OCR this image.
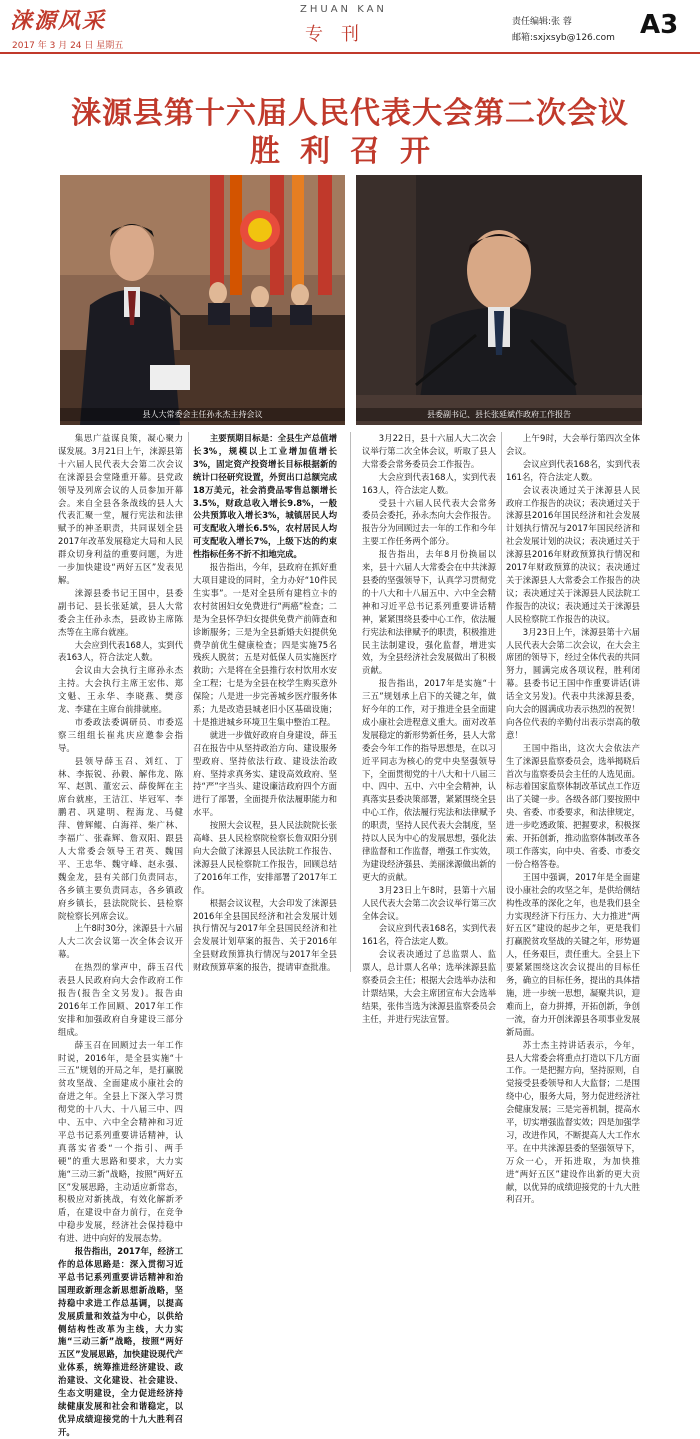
涞源风采
2017 年 3 月 24 日 星期五
ZHUAN KAN
专刊
责任编辑:张 蓉
邮箱:sxjxsyb@126.com A3
涞源县第十六届人民代表大会第二次会议
胜利召开
县人大常委会主任孙永杰主持会议	县委副书记、县长张延斌作政府工作报告

集思广益谋良策，凝心聚力谋发展。3月21日上午，涞源县第十六届人民代表大会第二次会议在涞源县会堂隆重开幕。县党政领导及列席会议的人员参加开幕会。来自全县各条战线的县人大代表汇聚一堂，履行宪法和法律赋予的神圣职责，共同谋划全县2017年改革发展稳定大局和人民群众切身利益的重要问题，为进一步加快建设“两好五区”发表见解。

涞源县委书记王国中，县委副书记、县长张延斌，县人大常委会主任孙永杰，县政协主席陈杰等在主席台就座。

大会应到代表168人，实到代表163人，符合法定人数。

会议由大会执行主席孙永杰主持。大会执行主席王宏伟、郑文魁、王永华、李晓燕、樊彦龙、李建在主席台前排就座。

市委政法委调研员、市委巡察三组组长崔兆庆应邀参会指导。

县领导薛玉召、刘红、丁林、李振锐、孙毅、解伟龙、陈军、赵凯、董宏云、薛俊辉在主席台就座，王洁江、毕冠军、李鹏君、巩建明、程海龙、马健萍、曾辉鲲、白海祥、柴广林、李福广、张森辉、詹双阳、跟县人大常委会领导王君英、魏国平、王忠华、魏守峰、赵永强、魏金龙，县有关部门负责同志，各乡镇主要负责同志，各乡镇政府乡镇长，县法院院长、县检察院检察长列席会议。

上午8时30分，涞源县十六届人大二次会议第一次全体会议开幕。

在热烈的掌声中，薛玉召代表县人民政府向大会作政府工作报告(报告全文另发)。报告由2016年工作回顾、2017年工作安排和加强政府自身建设三部分组成。

薛玉召在回顾过去一年工作时说，2016年，是全县实施“十三五”规划的开局之年，是打赢脱贫攻坚战、全面建成小康社会的奋进之年。全县上下深入学习贯彻党的十八大、十八届三中、四中、五中、六中全会精神和习近平总书记系列重要讲话精神，认真落实省委“一个指引、两手硬”的重大思路和要求，大力实施“三动三新”战略，按照“两好五区”发展思路，主动适应新常态，积极应对新挑战，有效化解新矛盾，在建设中奋力前行，在竞争中稳步发展，经济社会保持稳中有进、进中向好的发展态势。

报告指出，2017年，经济工作的总体思路是：深入贯彻习近平总书记系列重要讲话精神和治国理政新理念新思想新战略，坚持稳中求进工作总基调，以提高发展质量和效益为中心，以供给侧结构性改革为主线，大力实施“三动三新”战略，按照“两好五区”发展思路，加快建设现代产业体系，统筹推进经济建设、政治建设、文化建设、社会建设、生态文明建设，全力促进经济持续健康发展和社会和谐稳定，以优异成绩迎接党的十九大胜利召开。

主要预期目标是：全县生产总值增长3%，规模以上工业增加值增长3%，固定资产投资增长目标根据新的统计口径研究设置，外贸出口总额完成18万美元，社会消费品零售总额增长3.5%，财政总收入增长9.8%，一般公共预算收入增长3%，城镇居民人均可支配收入增长6.5%，农村居民人均可支配收入增长7%，上级下达的约束性指标任务不折不扣地完成。

报告指出，今年，县政府在抓好重大项目建设的同时，全力办好“10件民生实事”。一是对全县所有建档立卡的农村贫困妇女免费进行“两癌”检查；二是为全县怀孕妇女提供免费产前筛查和诊断服务；三是为全县新婚夫妇提供免费孕前优生健康检查；四是实施75名残疾人脱贫；五是对低保人员实施医疗救助；六是将在全县推行农村饮用水安全工程；七是为全县在校学生购买意外保险；八是进一步完善城乡医疗服务体系；九是改造县城老旧小区基础设施；十是推进城乡环境卫生集中整治工程。

就进一步做好政府自身建设，薛玉召在报告中从坚持政治方向、建设服务型政府、坚持依法行政、建设法治政府、坚持求真务实、建设高效政府、坚持“严”字当头、建设廉洁政府四个方面进行了部署，全面提升依法履职能力和水平。

按照大会议程，县人民法院院长张高峰、县人民检察院检察长詹双阳分别向大会做了涞源县人民法院工作报告、涞源县人民检察院工作报告，回顾总结了2016年工作，安排部署了2017年工作。

根据会议议程，大会印发了涞源县2016年全县国民经济和社会发展计划执行情况与2017年全县国民经济和社会发展计划草案的报告、关于2016年全县财政预算执行情况与2017年全县财政预算草案的报告，提请审查批准。

3月22日，县十六届人大二次会议举行第二次全体会议，听取了县人大常委会常务委员会工作报告。

大会应到代表168人，实到代表163人，符合法定人数。

受县十六届人民代表大会常务委员会委托，孙永杰向大会作报告。报告分为回顾过去一年的工作和今年主要工作任务两个部分。

报告指出，去年8月份换届以来，县十六届人大常委会在中共涞源县委的坚强领导下，认真学习贯彻党的十八大和十八届五中、六中全会精神和习近平总书记系列重要讲话精神，紧紧围绕县委中心工作，依法履行宪法和法律赋予的职责，积极推进民主法制建设，强化监督，增进实效，为全县经济社会发展做出了积极贡献。

报告指出，2017年是实施“十三五”规划承上启下的关键之年，做好今年的工作，对于推进全县全面建成小康社会进程意义重大。面对改革发展稳定的新形势新任务，县人大常委会今年工作的指导思想是，在以习近平同志为核心的党中央坚强领导下，全面贯彻党的十八大和十八届三中、四中、五中、六中全会精神，认真落实县委决策部署，紧紧围绕全县中心工作，依法履行宪法和法律赋予的职责，坚持人民代表大会制度，坚持以人民为中心的发展思想，强化法律监督和工作监督，增强工作实效，为建设经济强县、美丽涞源做出新的更大的贡献。

3月23日上午8时，县第十六届人民代表大会第二次会议举行第三次全体会议。

会议应到代表168名，实到代表161名，符合法定人数。

会议表决通过了总监票人、监票人，总计票人名单；选举涞源县监察委员会主任；根据大会选举办法和计票结果，大会主席团宣布大会选举结果，张伟当选为涞源县监察委员会主任，并进行宪法宣誓。

上午9时，大会举行第四次全体会议。

会议应到代表168名，实到代表161名，符合法定人数。

会议表决通过关于涞源县人民政府工作报告的决议；表决通过关于涞源县2016年国民经济和社会发展计划执行情况与2017年国民经济和社会发展计划的决议；表决通过关于涞源县2016年财政预算执行情况和2017年财政预算的决议；表决通过关于涞源县人大常委会工作报告的决议；表决通过关于涞源县人民法院工作报告的决议；表决通过关于涞源县人民检察院工作报告的决议。

3月23日上午，涞源县第十六届人民代表大会第二次会议，在大会主席团的领导下，经过全体代表的共同努力，圆满完成各项议程，胜利闭幕。县委书记王国中作重要讲话(讲话全文另发)。代表中共涞源县委，向大会的圆满成功表示热烈的祝贺！向各位代表的辛勤付出表示崇高的敬意！

王国中指出，这次大会依法产生了涞源县监察委员会，选举揭晓后首次与监察委员会主任的人选见面。标志着国家监察体制改革试点工作迈出了关键一步。各级各部门要按照中央、省委、市委要求，和法律规定，进一步吃透政策、把握要求，积极探索、开拓创新，推动监察体制改革各项工作落实，向中央、省委、市委交一份合格答卷。

王国中强调，2017年是全面建设小康社会的攻坚之年，是供给侧结构性改革的深化之年，也是我们县全力实现经济下行压力、大力推进“两好五区”建设的起步之年，更是我们打赢脱贫攻坚战的关键之年，形势逼人，任务艰巨，责任重大。全县上下要紧紧围绕这次会议提出的目标任务，确立的目标任务，提出的具体措施，进一步统一思想，凝聚共识，迎难而上，奋力拼搏，开拓创新，争创一流，奋力开创涞源县各项事业发展新局面。

苏士杰主持讲话表示，今年，县人大常委会将重点打造以下几方面工作。一是把握方向，坚持原则，自觉接受县委领导和人大监督；二是围绕中心，服务大局，努力促进经济社会健康发展；三是完善机制，提高水平，切实增强监督实效；四是加强学习，改进作风，不断提高人大工作水平。在中共涞源县委的坚强领导下，万众一心，开拓进取，为加快推进“两好五区”建设作出新的更大贡献，以优异的成绩迎接党的十九大胜利召开。
